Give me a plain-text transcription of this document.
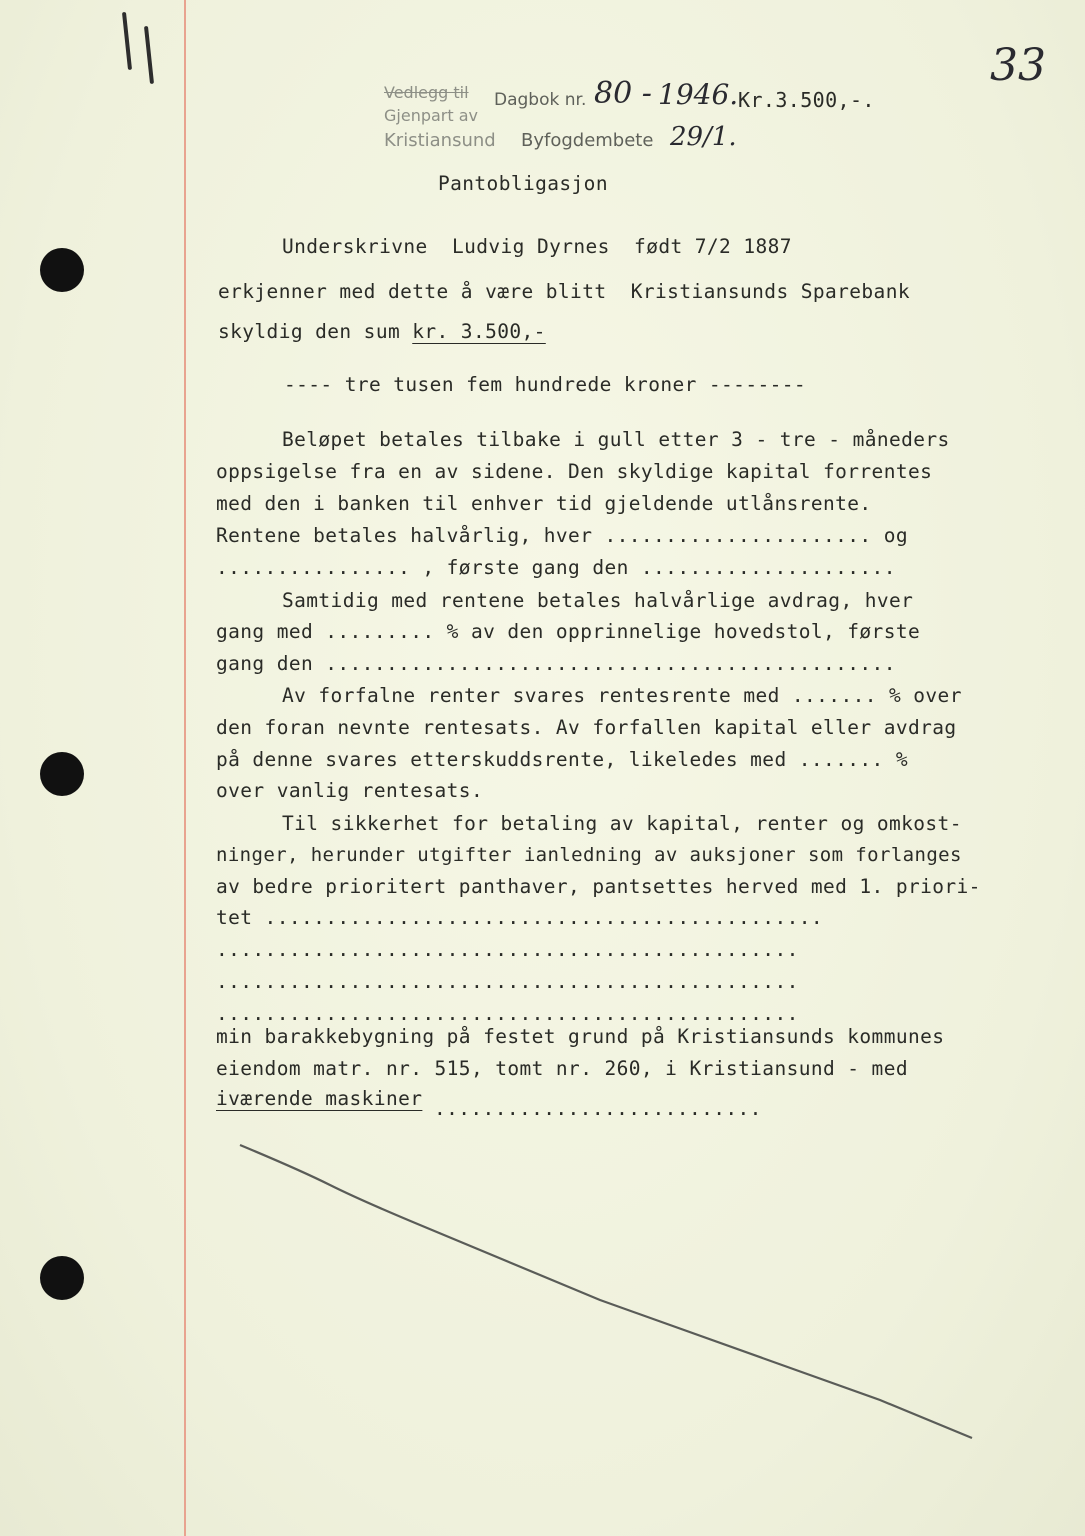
33
Vedlegg til
Gjenpart av
Kristiansund
Dagbok nr. 80 - 1946. Kr.3.500,-.
Byfogdembete 29/1.
Pantobligasjon
Underskrivne  Ludvig Dyrnes  født 7/2 1887
erkjenner med dette å være blitt  Kristiansunds Sparebank
skyldig den sum kr. 3.500,-
---- tre tusen fem hundrede kroner --------
Beløpet betales tilbake i gull etter 3 - tre - måneders
oppsigelse fra en av sidene. Den skyldige kapital forrentes
med den i banken til enhver tid gjeldende utlånsrente.
Rentene betales halvårlig, hver ...................... og
................ , første gang den .....................
Samtidig med rentene betales halvårlige avdrag, hver
gang med ......... % av den opprinnelige hovedstol, første
gang den ...............................................
Av forfalne renter svares rentesrente med ....... % over
den foran nevnte rentesats. Av forfallen kapital eller avdrag
på denne svares etterskuddsrente, likeledes med ....... %
over vanlig rentesats.
Til sikkerhet for betaling av kapital, renter og omkost-
ninger, herunder utgifter ianledning av auksjoner som forlanges
av bedre prioritert panthaver, pantsettes herved med 1. priori-
tet ..............................................
................................................
................................................
................................................
min barakkebygning på festet grund på Kristiansunds kommunes
eiendom matr. nr. 515, tomt nr. 260, i Kristiansund - med
iværende maskiner ...........................
